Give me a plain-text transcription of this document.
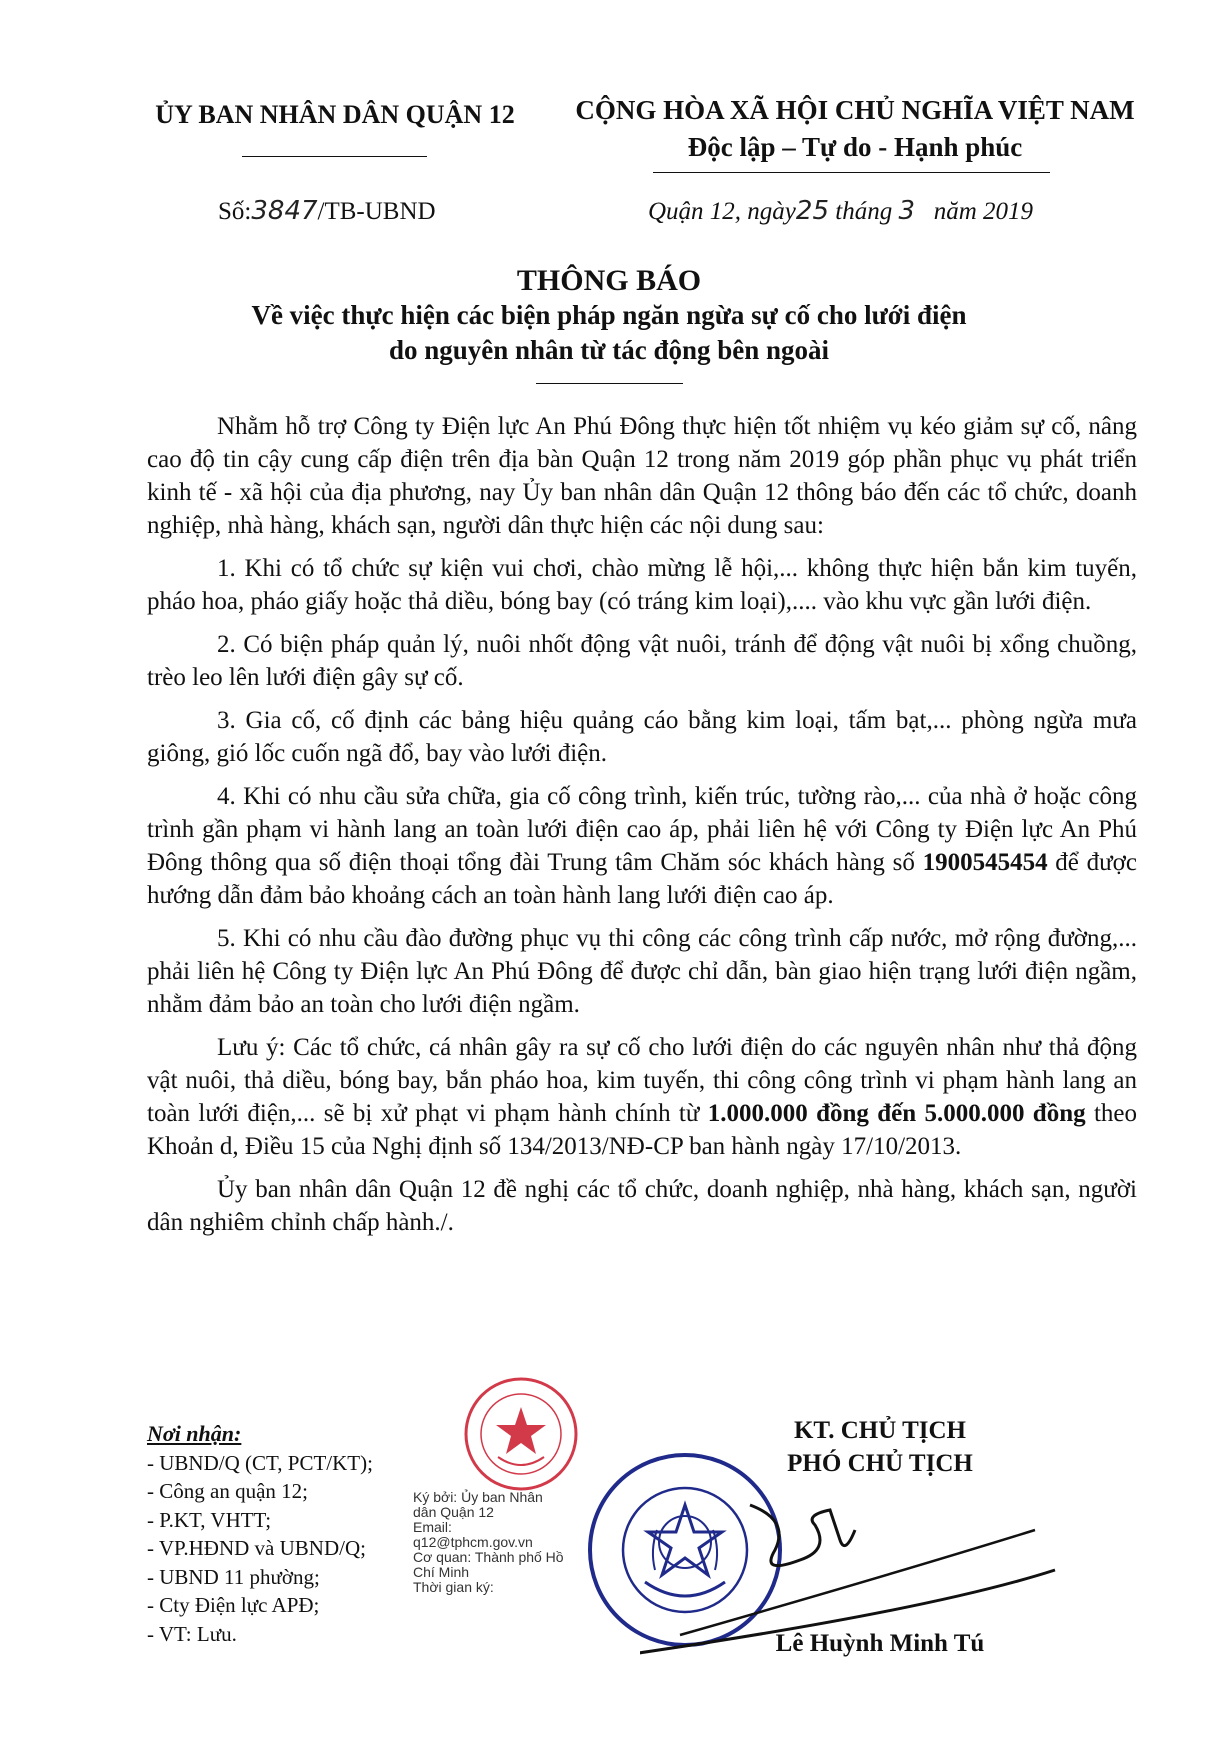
ỦY BAN NHÂN DÂN QUẬN 12	CỘNG HÒA XÃ HỘI CHỦ NGHĨA VIỆT NAM
Độc lập – Tự do - Hạnh phúc
Số:3847/TB-UBND	Quận 12, ngày25 tháng 3 năm 2019
THÔNG BÁO
Về việc thực hiện các biện pháp ngăn ngừa sự cố cho lưới điện
do nguyên nhân từ tác động bên ngoài

Nhằm hỗ trợ Công ty Điện lực An Phú Đông thực hiện tốt nhiệm vụ kéo giảm sự cố, nâng cao độ tin cậy cung cấp điện trên địa bàn Quận 12 trong năm 2019 góp phần phục vụ phát triển kinh tế - xã hội của địa phương, nay Ủy ban nhân dân Quận 12 thông báo đến các tổ chức, doanh nghiệp, nhà hàng, khách sạn, người dân thực hiện các nội dung sau:

1. Khi có tổ chức sự kiện vui chơi, chào mừng lễ hội,... không thực hiện bắn kim tuyến, pháo hoa, pháo giấy hoặc thả diều, bóng bay (có tráng kim loại),.... vào khu vực gần lưới điện.

2. Có biện pháp quản lý, nuôi nhốt động vật nuôi, tránh để động vật nuôi bị xổng chuồng, trèo leo lên lưới điện gây sự cố.

3. Gia cố, cố định các bảng hiệu quảng cáo bằng kim loại, tấm bạt,... phòng ngừa mưa giông, gió lốc cuốn ngã đổ, bay vào lưới điện.

4. Khi có nhu cầu sửa chữa, gia cố công trình, kiến trúc, tường rào,... của nhà ở hoặc công trình gần phạm vi hành lang an toàn lưới điện cao áp, phải liên hệ với Công ty Điện lực An Phú Đông thông qua số điện thoại tổng đài Trung tâm Chăm sóc khách hàng số 1900545454 để được hướng dẫn đảm bảo khoảng cách an toàn hành lang lưới điện cao áp.

5. Khi có nhu cầu đào đường phục vụ thi công các công trình cấp nước, mở rộng đường,... phải liên hệ Công ty Điện lực An Phú Đông để được chỉ dẫn, bàn giao hiện trạng lưới điện ngầm, nhằm đảm bảo an toàn cho lưới điện ngầm.

Lưu ý: Các tổ chức, cá nhân gây ra sự cố cho lưới điện do các nguyên nhân như thả động vật nuôi, thả diều, bóng bay, bắn pháo hoa, kim tuyến, thi công công trình vi phạm hành lang an toàn lưới điện,... sẽ bị xử phạt vi phạm hành chính từ 1.000.000 đồng đến 5.000.000 đồng theo Khoản d, Điều 15 của Nghị định số 134/2013/NĐ-CP ban hành ngày 17/10/2013.

Ủy ban nhân dân Quận 12 đề nghị các tổ chức, doanh nghiệp, nhà hàng, khách sạn, người dân nghiêm chỉnh chấp hành./.

Nơi nhận:
- UBND/Q (CT, PCT/KT);
- Công an quận 12;
- P.KT, VHTT;
- VP.HĐND và UBND/Q;
- UBND 11 phường;
- Cty Điện lực APĐ;
- VT: Lưu.
Ký bởi: Ủy ban Nhân
dân Quận 12
Email:
q12@tphcm.gov.vn
Cơ quan: Thành phố Hồ
Chí Minh
Thời gian ký:
KT. CHỦ TỊCH
PHÓ CHỦ TỊCH
Lê Huỳnh Minh Tú
